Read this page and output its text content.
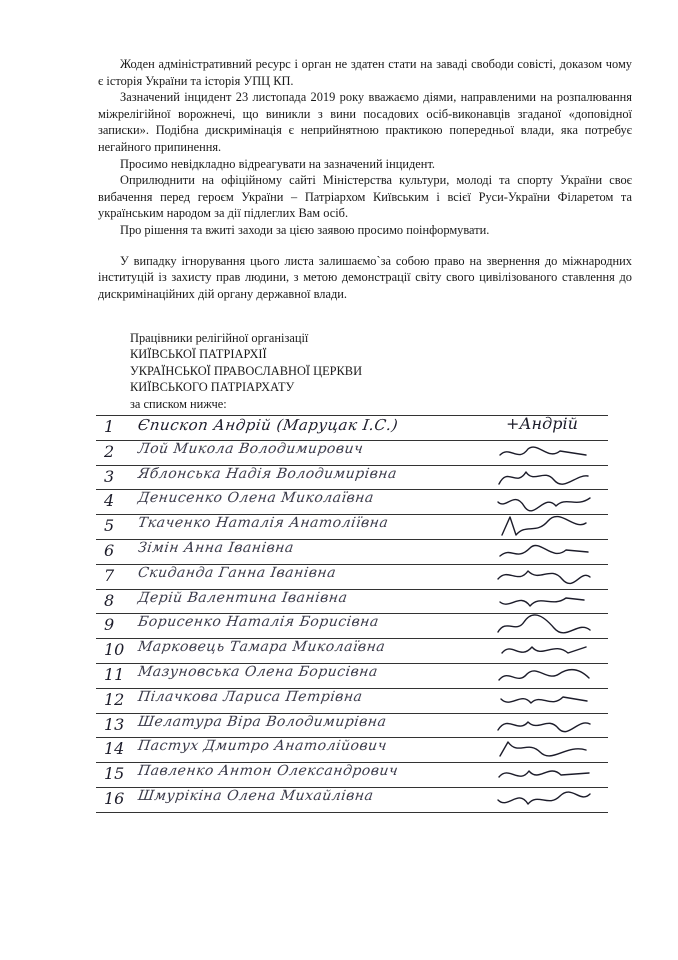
Жоден адміністративний ресурс і орган не здатен стати на заваді свободи совісті, доказом чому є історія України та історія УПЦ КП.

Зазначений інцидент 23 листопада 2019 року вважаємо діями, направленими на розпалювання міжрелігійної ворожнечі, що виникли з вини посадових осіб-виконавців згаданої «доповідної записки». Подібна дискримінація є неприйнятною практикою попередньої влади, яка потребує негайного припинення.

Просимо невідкладно відреагувати на зазначений інцидент.

Оприлюднити на офіційному сайті Міністерства культури, молоді та спорту України своє вибачення перед героєм України – Патріархом Київським і всієї Руси-України Філаретом та українським народом за дії підлеглих Вам осіб.

Про рішення та вжиті заходи за цією заявою просимо поінформувати.

У випадку ігнорування цього листа залишаємо`за собою право на звернення до міжнародних інституцій із захисту прав людини, з метою демонстрації світу свого цивілізованого ставлення до дискримінаційних дій органу державної влади.

Працівники релігійної організації
КИЇВСЬКОЇ ПАТРІАРХІЇ
УКРАЇНСЬКОЇ ПРАВОСЛАВНОЇ ЦЕРКВИ
КИЇВСЬКОГО ПАТРІАРХАТУ
за списком нижче:
1	Єпископ Андрій (Маруцак І.С.)	+Андрій
2	Лой Микола Володимирович
3	Яблонська Надія Володимирівна
4	Денисенко Олена Миколаївна
5	Ткаченко Наталія Анатоліївна
6	Зімін Анна Іванівна
7	Скиданда Ганна Іванівна
8	Дерій Валентина Іванівна
9	Борисенко Наталія Борисівна
10 Марковець Тамара Миколаївна
11 Мазуновська Олена Борисівна
12 Пілачкова Лариса Петрівна
13 Шелатура Віра Володимирівна
14 Пастух Дмитро Анатолійович
15 Павленко Антон Олександрович
16 Шмурікіна Олена Михайлівна
